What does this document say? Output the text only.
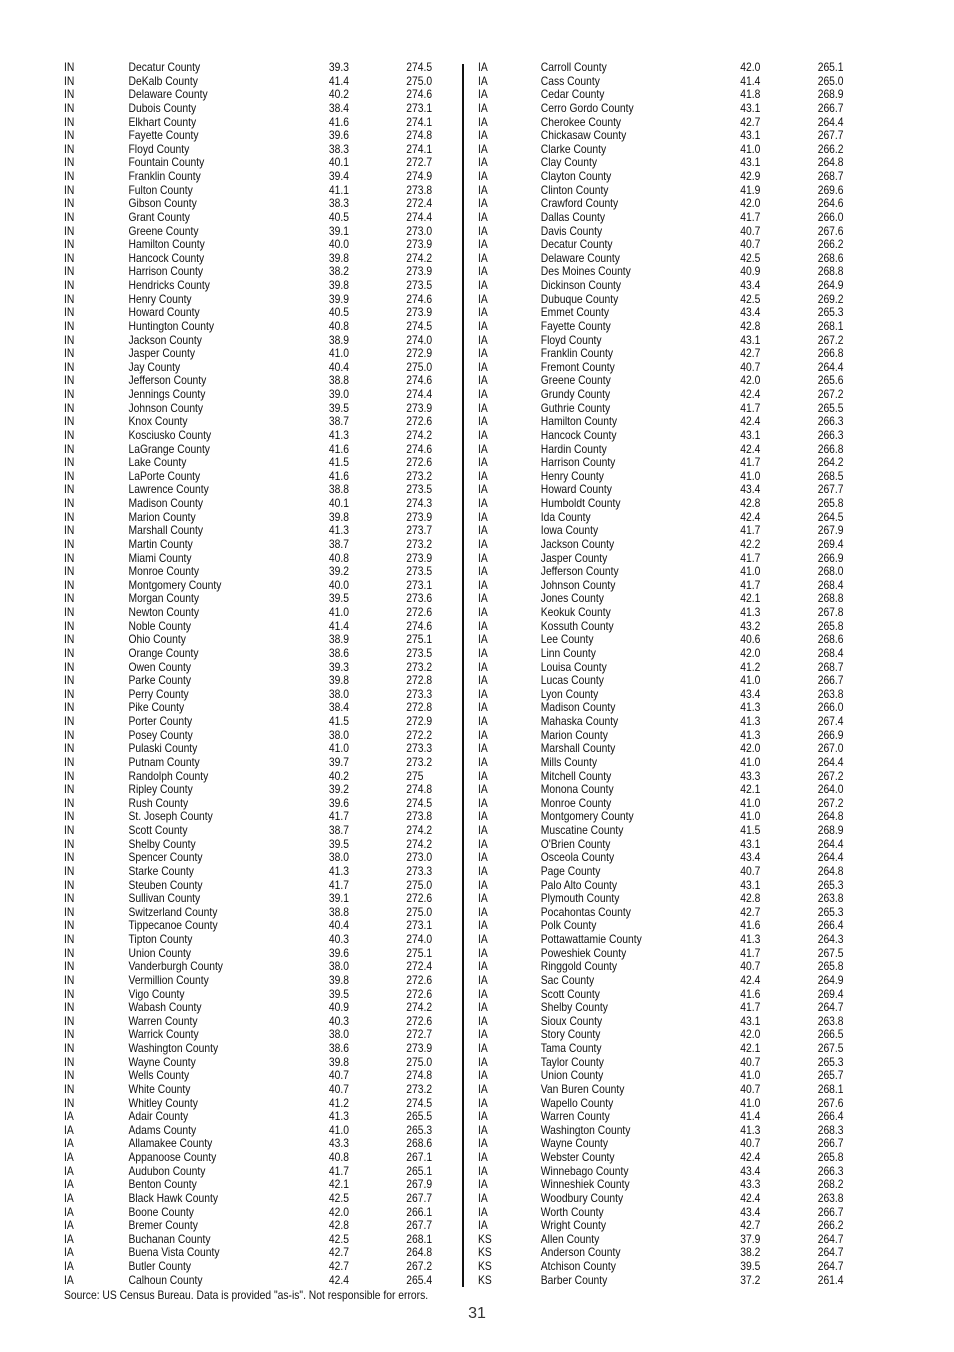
IN	Decatur County	39.3	274.5
IN	DeKalb County	41.4	275.0
IN	Delaware County	40.2	274.6
IN	Dubois County	38.4	273.1
IN	Elkhart County	41.6	274.1
IN	Fayette County	39.6	274.8
IN	Floyd County	38.3	274.1
IN	Fountain County	40.1	272.7
IN	Franklin County	39.4	274.9
IN	Fulton County	41.1	273.8
IN	Gibson County	38.3	272.4
IN	Grant County	40.5	274.4
IN	Greene County	39.1	273.0
IN	Hamilton County	40.0	273.9
IN	Hancock County	39.8	274.2
IN	Harrison County	38.2	273.9
IN	Hendricks County	39.8	273.5
IN	Henry County	39.9	274.6
IN	Howard County	40.5	273.9
IN	Huntington County	40.8	274.5
IN	Jackson County	38.9	274.0
IN	Jasper County	41.0	272.9
IN	Jay County	40.4	275.0
IN	Jefferson County	38.8	274.6
IN	Jennings County	39.0	274.4
IN	Johnson County	39.5	273.9
IN	Knox County	38.7	272.6
IN	Kosciusko County	41.3	274.2
IN	LaGrange County	41.6	274.6
IN	Lake County	41.5	272.6
IN	LaPorte County	41.6	273.2
IN	Lawrence County	38.8	273.5
IN	Madison County	40.1	274.3
IN	Marion County	39.8	273.9
IN	Marshall County	41.3	273.7
IN	Martin County	38.7	273.2
IN	Miami County	40.8	273.9
IN	Monroe County	39.2	273.5
IN	Montgomery County	40.0	273.1
IN	Morgan County	39.5	273.6
IN	Newton County	41.0	272.6
IN	Noble County	41.4	274.6
IN	Ohio County	38.9	275.1
IN	Orange County	38.6	273.5
IN	Owen County	39.3	273.2
IN	Parke County	39.8	272.8
IN	Perry County	38.0	273.3
IN	Pike County	38.4	272.8
IN	Porter County	41.5	272.9
IN	Posey County	38.0	272.2
IN	Pulaski County	41.0	273.3
IN	Putnam County	39.7	273.2
IN	Randolph County	40.2	275
IN	Ripley County	39.2	274.8
IN	Rush County	39.6	274.5
IN	St. Joseph County	41.7	273.8
IN	Scott County	38.7	274.2
IN	Shelby County	39.5	274.2
IN	Spencer County	38.0	273.0
IN	Starke County	41.3	273.3
IN	Steuben County	41.7	275.0
IN	Sullivan County	39.1	272.6
IN	Switzerland County	38.8	275.0
IN	Tippecanoe County	40.4	273.1
IN	Tipton County	40.3	274.0
IN	Union County	39.6	275.1
IN	Vanderburgh County	38.0	272.4
IN	Vermillion County	39.8	272.6
IN	Vigo County	39.5	272.6
IN	Wabash County	40.9	274.2
IN	Warren County	40.3	272.6
IN	Warrick County	38.0	272.7
IN	Washington County	38.6	273.9
IN	Wayne County	39.8	275.0
IN	Wells County	40.7	274.8
IN	White County	40.7	273.2
IN	Whitley County	41.2	274.5
IA	Adair County	41.3	265.5
IA	Adams County	41.0	265.3
IA	Allamakee County	43.3	268.6
IA	Appanoose County	40.8	267.1
IA	Audubon County	41.7	265.1
IA	Benton County	42.1	267.9
IA	Black Hawk County	42.5	267.7
IA	Boone County	42.0	266.1
IA	Bremer County	42.8	267.7
IA	Buchanan County	42.5	268.1
IA	Buena Vista County	42.7	264.8
IA	Butler County	42.7	267.2
IA	Calhoun County	42.4	265.4
IA	Carroll County	42.0	265.1
IA	Cass County	41.4	265.0
IA	Cedar County	41.8	268.9
IA	Cerro Gordo County	43.1	266.7
IA	Cherokee County	42.7	264.4
IA	Chickasaw County	43.1	267.7
IA	Clarke County	41.0	266.2
IA	Clay County	43.1	264.8
IA	Clayton County	42.9	268.7
IA	Clinton County	41.9	269.6
IA	Crawford County	42.0	264.6
IA	Dallas County	41.7	266.0
IA	Davis County	40.7	267.6
IA	Decatur County	40.7	266.2
IA	Delaware County	42.5	268.6
IA	Des Moines County	40.9	268.8
IA	Dickinson County	43.4	264.9
IA	Dubuque County	42.5	269.2
IA	Emmet County	43.4	265.3
IA	Fayette County	42.8	268.1
IA	Floyd County	43.1	267.2
IA	Franklin County	42.7	266.8
IA	Fremont County	40.7	264.4
IA	Greene County	42.0	265.6
IA	Grundy County	42.4	267.2
IA	Guthrie County	41.7	265.5
IA	Hamilton County	42.4	266.3
IA	Hancock County	43.1	266.3
IA	Hardin County	42.4	266.8
IA	Harrison County	41.7	264.2
IA	Henry County	41.0	268.5
IA	Howard County	43.4	267.7
IA	Humboldt County	42.8	265.8
IA	Ida County	42.4	264.5
IA	Iowa County	41.7	267.9
IA	Jackson County	42.2	269.4
IA	Jasper County	41.7	266.9
IA	Jefferson County	41.0	268.0
IA	Johnson County	41.7	268.4
IA	Jones County	42.1	268.8
IA	Keokuk County	41.3	267.8
IA	Kossuth County	43.2	265.8
IA	Lee County	40.6	268.6
IA	Linn County	42.0	268.4
IA	Louisa County	41.2	268.7
IA	Lucas County	41.0	266.7
IA	Lyon County	43.4	263.8
IA	Madison County	41.3	266.0
IA	Mahaska County	41.3	267.4
IA	Marion County	41.3	266.9
IA	Marshall County	42.0	267.0
IA	Mills County	41.0	264.4
IA	Mitchell County	43.3	267.2
IA	Monona County	42.1	264.0
IA	Monroe County	41.0	267.2
IA	Montgomery County	41.0	264.8
IA	Muscatine County	41.5	268.9
IA	O'Brien County	43.1	264.4
IA	Osceola County	43.4	264.4
IA	Page County	40.7	264.8
IA	Palo Alto County	43.1	265.3
IA	Plymouth County	42.8	263.8
IA	Pocahontas County	42.7	265.3
IA	Polk County	41.6	266.4
IA	Pottawattamie County	41.3	264.3
IA	Poweshiek County	41.7	267.5
IA	Ringgold County	40.7	265.8
IA	Sac County	42.4	264.9
IA	Scott County	41.6	269.4
IA	Shelby County	41.7	264.7
IA	Sioux County	43.1	263.8
IA	Story County	42.0	266.5
IA	Tama County	42.1	267.5
IA	Taylor County	40.7	265.3
IA	Union County	41.0	265.7
IA	Van Buren County	40.7	268.1
IA	Wapello County	41.0	267.6
IA	Warren County	41.4	266.4
IA	Washington County	41.3	268.3
IA	Wayne County	40.7	266.7
IA	Webster County	42.4	265.8
IA	Winnebago County	43.4	266.3
IA	Winneshiek County	43.3	268.2
IA	Woodbury County	42.4	263.8
IA	Worth County	43.4	266.7
IA	Wright County	42.7	266.2
KS	Allen County	37.9	264.7
KS	Anderson County	38.2	264.7
KS	Atchison County	39.5	264.7
KS	Barber County	37.2	261.4
Source: US Census Bureau. Data is provided "as-is". Not responsible for errors.
31
